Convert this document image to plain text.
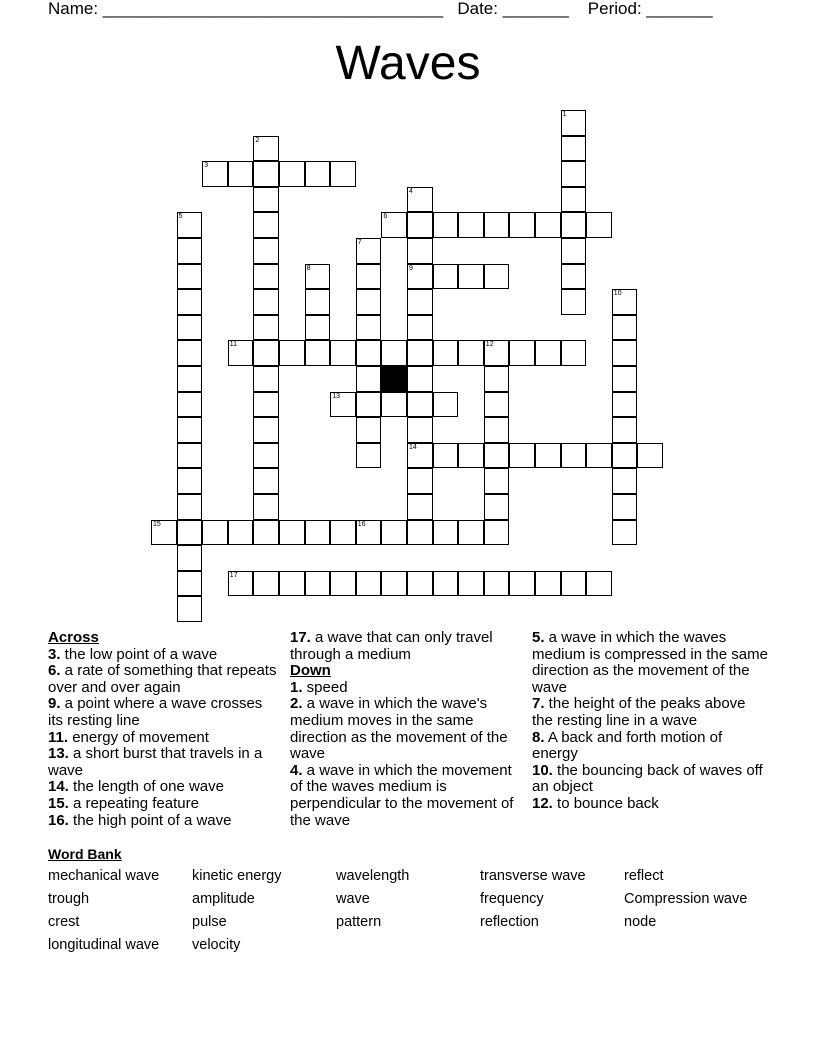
Name: ____________________________________ Date: _______ Period: _______
Waves
1
2
3
4
9
14
5	6
7
8
10
11	12
13
15	16
17
Across
3. the low point of a wave
6. a rate of something that repeats over and over again
9. a point where a wave crosses its resting line
11. energy of movement
13. a short burst that travels in a wave
14. the length of one wave
15. a repeating feature
16. the high point of a wave
17. a wave that can only travel through a medium
Down
1. speed
2. a wave in which the wave's medium moves in the same direction as the movement of the wave
4. a wave in which the movement of the waves medium is perpendicular to the movement of the wave
5. a wave in which the waves medium is compressed in the same direction as the movement of the wave
7. the height of the peaks above the resting line in a wave
8. A back and forth motion of energy
10. the bouncing back of waves off an object
12. to bounce back
Word Bank
mechanical wave	kinetic energy	wavelength	transverse wave	reflect
trough	amplitude	wave	frequency	Compression wave
crest	pulse	pattern	reflection	node
longitudinal wave	velocity
